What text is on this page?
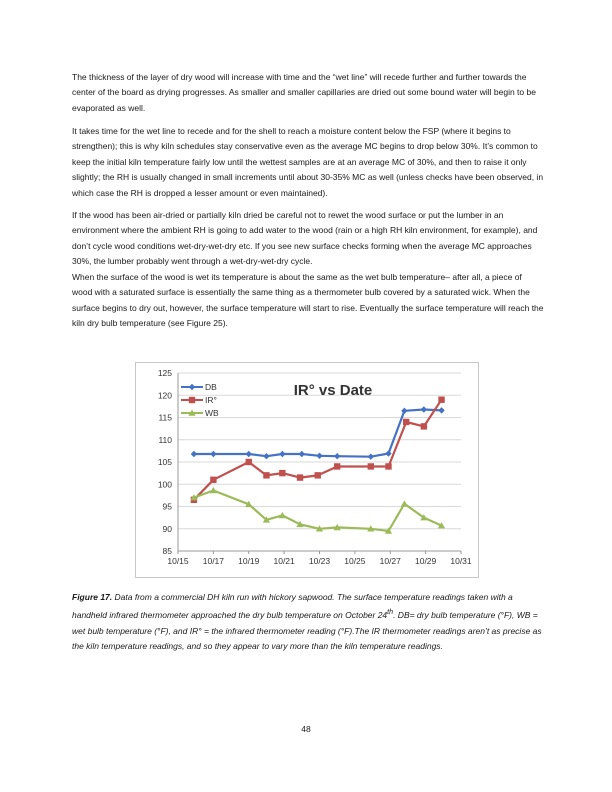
The thickness of the layer of dry wood will increase with time and the “wet line” will recede further and further towards the center of the board as drying progresses. As smaller and smaller capillaries are dried out some bound water will begin to be evaporated as well.

It takes time for the wet line to recede and for the shell to reach a moisture content below the FSP (where it begins to strengthen); this is why kiln schedules stay conservative even as the average MC begins to drop below 30%. It’s common to keep the initial kiln temperature fairly low until the wettest samples are at an average MC of 30%, and then to raise it only slightly; the RH is usually changed in small increments until about 30-35% MC as well (unless checks have been observed, in which case the RH is dropped a lesser amount or even maintained).

If the wood has been air-dried or partially kiln dried be careful not to rewet the wood surface or put the lumber in an environment where the ambient RH is going to add water to the wood (rain or a high RH kiln environment, for example), and don’t cycle wood conditions wet-dry-wet-dry etc. If you see new surface checks forming when the average MC approaches 30%, the lumber probably went through a wet-dry-wet-dry cycle.

When the surface of the wood is wet its temperature is about the same as the wet bulb temperature– after all, a piece of wood with a saturated surface is essentially the same thing as a thermometer bulb covered by a saturated wick. When the surface begins to dry out, however, the surface temperature will start to rise. Eventually the surface temperature will reach the kiln dry bulb temperature (see Figure 25).

85
90
95
100
105
110
115
120
125
10/15 10/17 10/19 10/21 10/23 10/25 10/27 10/29 10/31
IR° vs Date
DB
IR°
WB

Figure 17. Data from a commercial DH kiln run with hickory sapwood. The surface temperature readings taken with a handheld infrared thermometer approached the dry bulb temperature on October 24th. DB= dry bulb temperature (°F), WB = wet bulb temperature (°F), and IR° = the infrared thermometer reading (°F).The IR thermometer readings aren’t as precise as the kiln temperature readings, and so they appear to vary more than the kiln temperature readings.

48
